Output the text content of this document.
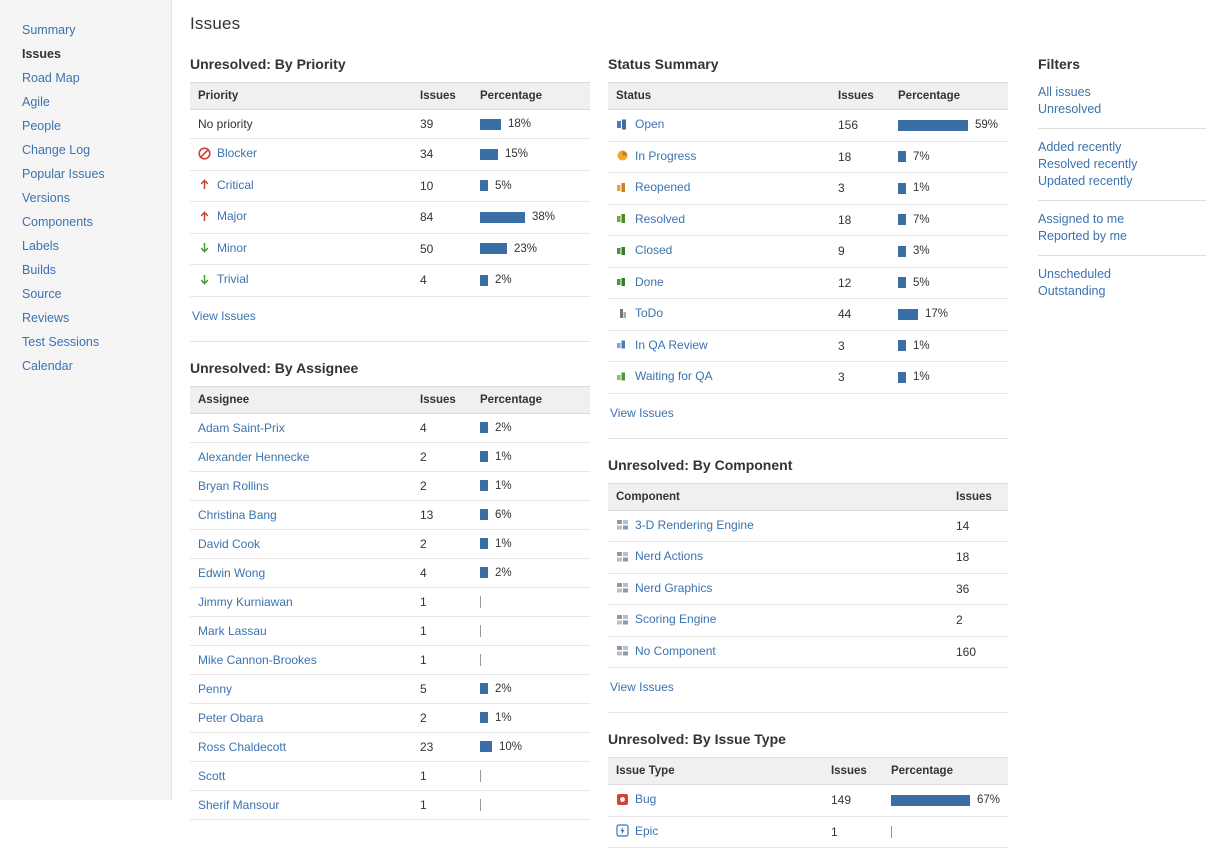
Summary
Issues
Road Map
Agile
People
Change Log
Popular Issues
Versions
Components
Labels
Builds
Source
Reviews
Test Sessions
Calendar
Issues
Unresolved: By Priority
Priority	Issues	Percentage

No priority	39	18%

Blocker	34	15%

Critical	10	5%

Major	84	38%

Minor	50	23%

Trivial	4	2%
View Issues
Unresolved: By Assignee
Assignee	Issues	Percentage

Adam Saint-Prix	4	2%

Alexander Hennecke	2	1%

Bryan Rollins	2	1%

Christina Bang	13	6%

David Cook	2	1%

Edwin Wong	4	2%

Jimmy Kurniawan	1	

Mark Lassau	1	

Mike Cannon-Brookes	1	

Penny	5	2%

Peter Obara	2	1%

Ross Chaldecott	23	10%

Scott	1	

Sherif Mansour	1	
Status Summary
Status	Issues	Percentage

Open	156	59%

In Progress	18	7%

Reopened	3	1%

Resolved	18	7%

Closed	9	3%

Done	12	5%

ToDo	44	17%

In QA Review	3	1%

Waiting for QA	3	1%
View Issues
Unresolved: By Component
Component	Issues

3-D Rendering Engine	14

Nerd Actions	18

Nerd Graphics	36

Scoring Engine	2

No Component	160
View Issues
Unresolved: By Issue Type
Issue Type	Issues	Percentage

Bug	149	67%

Epic	1	
Filters
All issues
Unresolved
Added recently
Resolved recently
Updated recently
Assigned to me
Reported by me
Unscheduled
Outstanding
